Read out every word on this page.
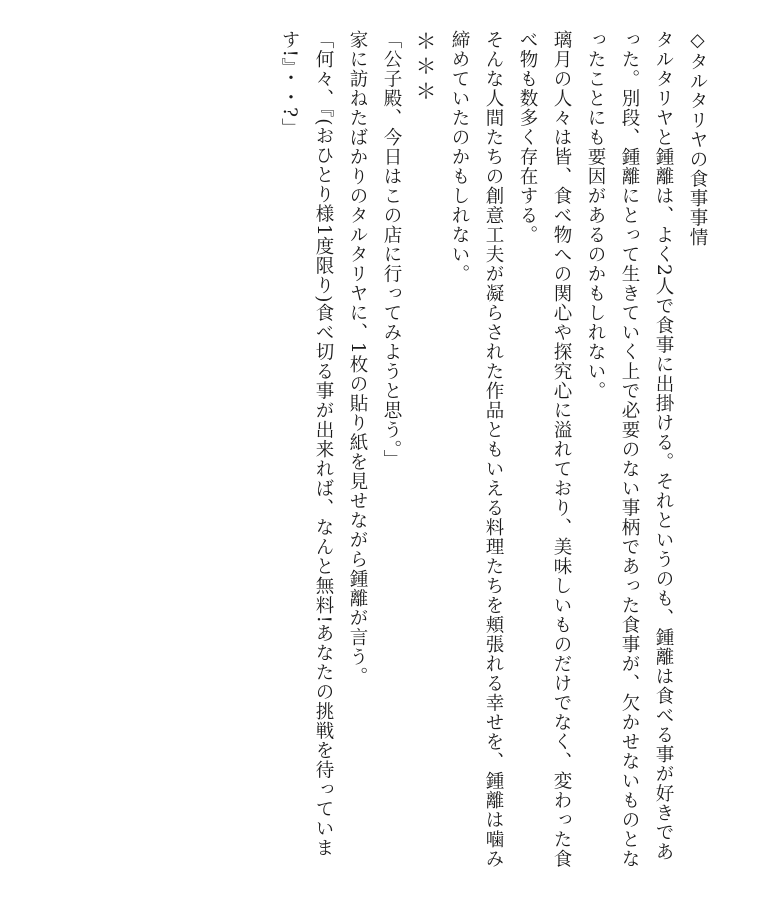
◇タルタリヤの食事事情

タルタリヤと鍾離は、よく2人で食事に出掛ける。それというのも、鍾離は食べる事が好きであった。別段、鍾離にとって生きていく上で必要のない事柄であった食事が、欠かせないものとなったことにも要因があるのかもしれない。

璃月の人々は皆、食べ物への関心や探究心に溢れており、美味しいものだけでなく、変わった食べ物も数多く存在する。

そんな人間たちの創意工夫が凝らされた作品ともいえる料理たちを頬張れる幸せを、鍾離は噛み締めていたのかもしれない。

＊＊＊

「公子殿、今日はこの店に行ってみようと思う。」

家に訪ねたばかりのタルタリヤに、1枚の貼り紙を見せながら鍾離が言う。

「何々、『(おひとり様1度限り)食べ切る事が出来れば、なんと無料!あなたの挑戦を待っています!』・・?」
